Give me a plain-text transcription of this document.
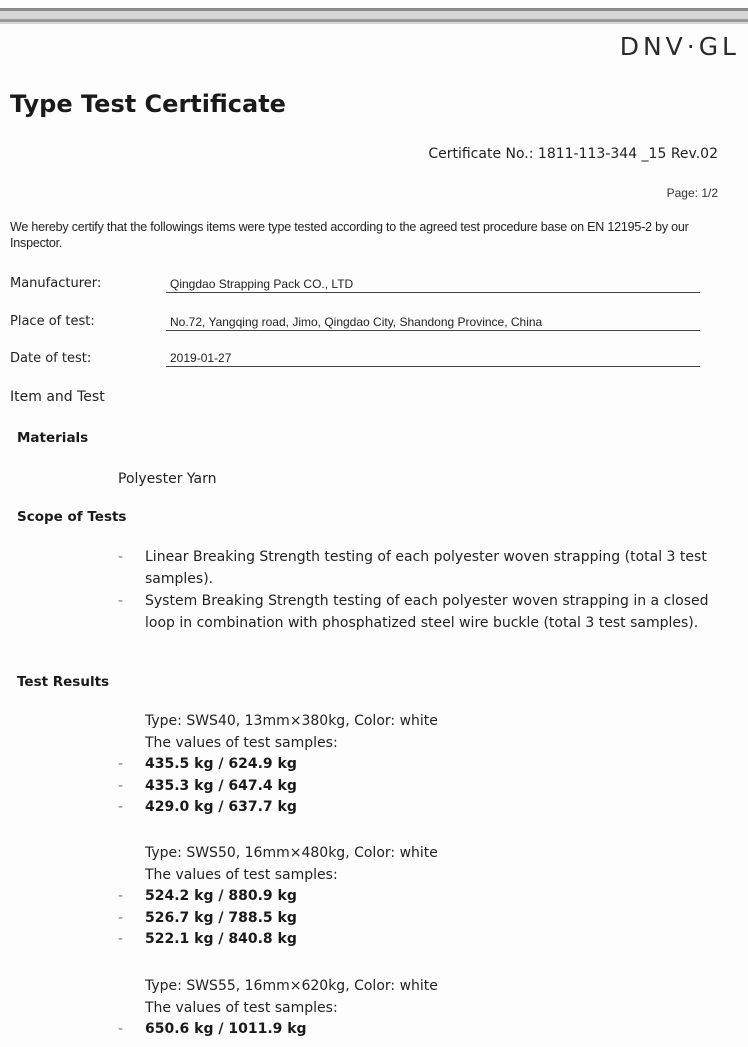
DNV·GL
Type Test Certificate
Certificate No.: 1811-113-344 _15 Rev.02
Page: 1/2
We hereby certify that the followings items were type tested according to the agreed test procedure base on EN 12195-2 by our Inspector.
Manufacturer:	Qingdao Strapping Pack CO., LTD
Place of test:	No.72, Yangqing road, Jimo, Qingdao City, Shandong Province, China
Date of test:	2019-01-27
Item and Test
Materials
Polyester Yarn
Scope of Tests
- Linear Breaking Strength testing of each polyester woven strapping (total 3 test samples).
- System Breaking Strength testing of each polyester woven strapping in a closed loop in combination with phosphatized steel wire buckle (total 3 test samples).
Test Results
Type: SWS40, 13mm×380kg, Color: white
The values of test samples:
- 435.5 kg / 624.9 kg
- 435.3 kg / 647.4 kg
- 429.0 kg / 637.7 kg
Type: SWS50, 16mm×480kg, Color: white
The values of test samples:
- 524.2 kg / 880.9 kg
- 526.7 kg / 788.5 kg
- 522.1 kg / 840.8 kg
Type: SWS55, 16mm×620kg, Color: white
The values of test samples:
- 650.6 kg / 1011.9 kg
